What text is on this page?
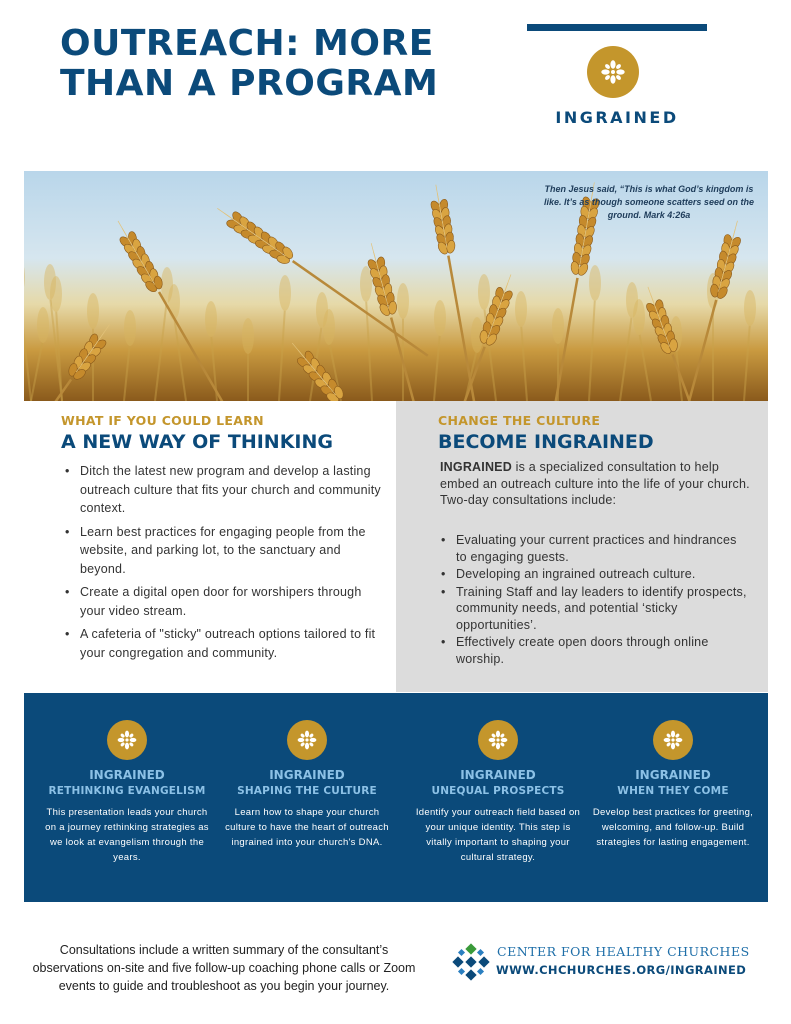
OUTREACH: MORE THAN A PROGRAM
INGRAINED
Then Jesus said, “This is what God’s kingdom is like. It’s as though someone scatters seed on the ground. Mark 4:26a
WHAT IF YOU COULD LEARN
A NEW WAY OF THINKING
• Ditch the latest new program and develop a lasting outreach culture that fits your church and community context.
• Learn best practices for engaging people from the website, and parking lot, to the sanctuary and beyond.
• Create a digital open door for worshipers through your video stream.
• A cafeteria of "sticky" outreach options tailored to fit your congregation and community.
CHANGE THE CULTURE
BECOME INGRAINED
INGRAINED is a specialized consultation to help embed an outreach culture into the life of your church. Two-day consultations include:
• Evaluating your current practices and hindrances to engaging guests.
• Developing an ingrained outreach culture.
• Training Staff and lay leaders to identify prospects, community needs, and potential ‘sticky opportunities’.
• Effectively create open doors through online worship.
INGRAINED
RETHINKING EVANGELISM
This presentation leads your church on a journey rethinking strategies as we look at evangelism through the years.
INGRAINED
SHAPING THE CULTURE
Learn how to shape your church culture to have the heart of outreach ingrained into your church's DNA.
INGRAINED
UNEQUAL PROSPECTS
Identify your outreach field based on your unique identity. This step is vitally important to shaping your cultural strategy.
INGRAINED
WHEN THEY COME
Develop best practices for greeting, welcoming, and follow-up. Build strategies for lasting engagement.
Consultations include a written summary of the consultant’s observations on-site and five follow-up coaching phone calls or Zoom events to guide and troubleshoot as you begin your journey.
CENTER FOR HEALTHY CHURCHES
WWW.CHCHURCHES.ORG/INGRAINED
